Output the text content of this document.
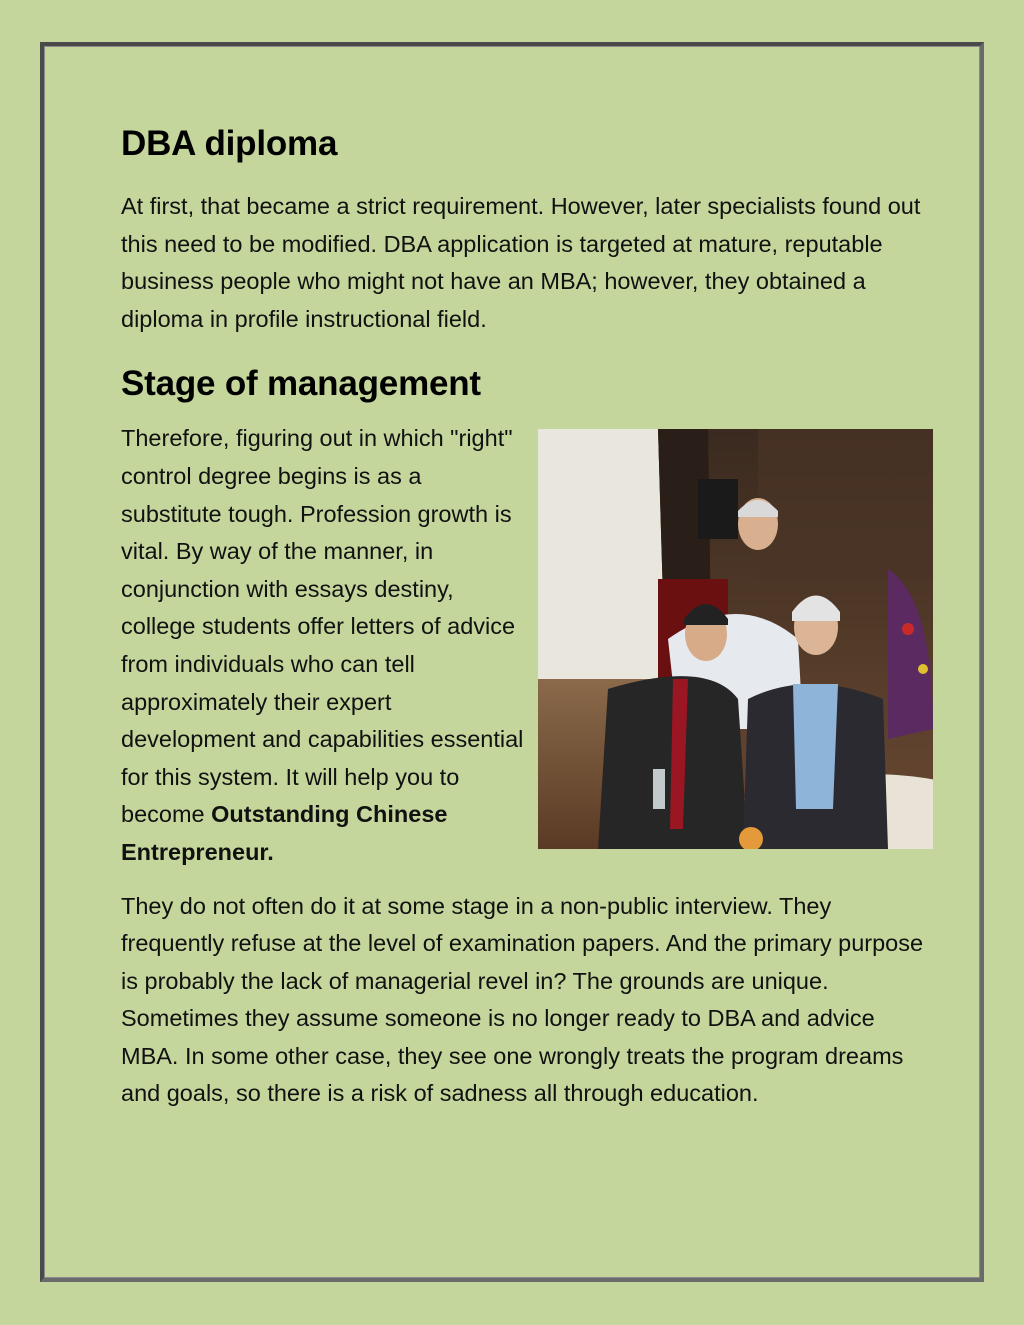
DBA diploma

At first, that became a strict requirement. However, later specialists found out this need to be modified. DBA application is targeted at mature, reputable business people who might not have an MBA; however, they obtained a diploma in profile instructional field.

Stage of management

Therefore, figuring out in which "right" control degree begins is as a substitute tough. Profession growth is vital. By way of the manner, in conjunction with essays destiny, college students offer letters of advice from individuals who can tell approximately their expert development and capabilities essential for this system. It will help you to become Outstanding Chinese Entrepreneur.

They do not often do it at some stage in a non-public interview. They frequently refuse at the level of examination papers. And the primary purpose is probably the lack of managerial revel in? The grounds are unique. Sometimes they assume someone is no longer ready to DBA and advice MBA. In some other case, they see one wrongly treats the program dreams and goals, so there is a risk of sadness all through education.
